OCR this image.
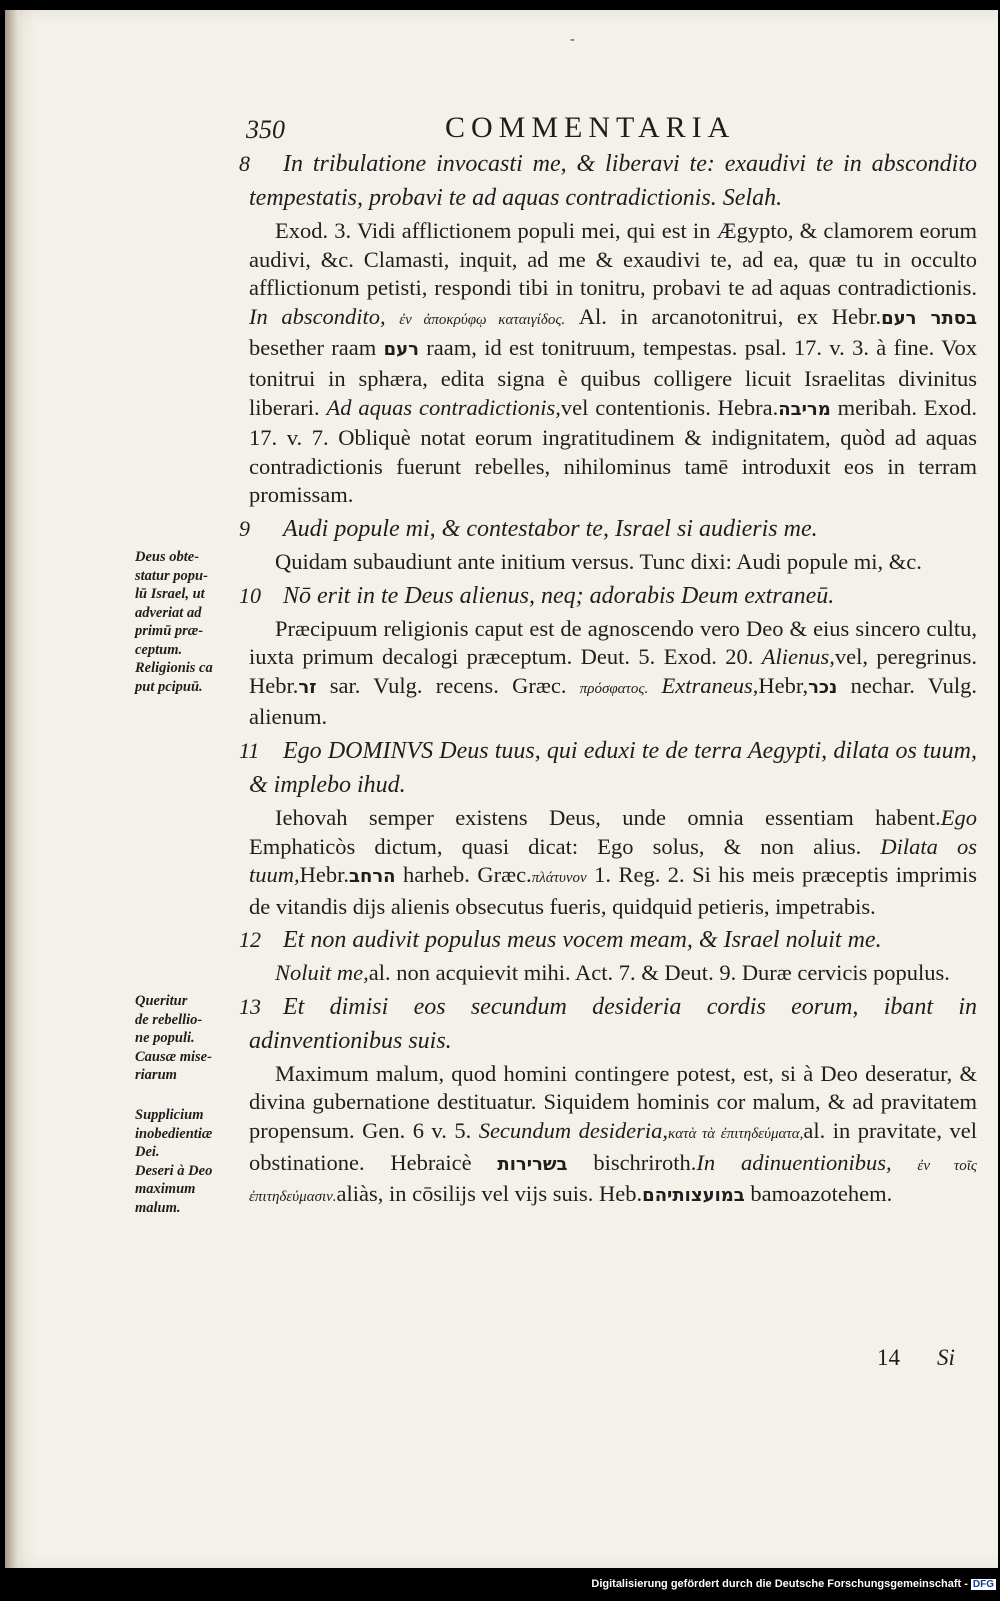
-
350	COMMENTARIA
Deus obte-
statur popu-
lū Israel, ut
adveriat ad
primū præ-
ceptum.
Religionis ca
put pcipuū.
Queritur
de rebellio-
ne populi.
Causæ mise-
riarum
Supplicium
inobedientiæ
Dei.
Deseri à Deo
maximum
malum.

8 In tribulatione invocasti me, & liberavi te: exaudivi te in abscondito tempestatis, probavi te ad aquas contradictionis. Selah.

Exod. 3. Vidi afflictionem populi mei, qui est in Ægypto, & clamorem eorum audivi, &c. Clamasti, inquit, ad me & exaudivi te, ad ea, quæ tu in occulto afflictionum petisti, respondi tibi in tonitru, probavi te ad aquas contradictionis. In abscondito, ἐν ἀποκρύφῳ καταιγίδος. Al. in arcanotonitrui, ex Hebr.בסתר רעם besether raam רעם raam, id est tonitruum, tempestas. psal. 17. v. 3. à fine. Vox tonitrui in sphæra, edita signa è quibus colligere licuit Israelitas divinitus liberari. Ad aquas contradictionis,vel contentionis. Hebra.מריבה meribah. Exod. 17. v. 7. Obliquè notat eorum ingratitudinem & indignitatem, quòd ad aquas contradictionis fuerunt rebelles, nihilominus tamē introduxit eos in terram promissam.

9 Audi popule mi, & contestabor te, Israel si audieris me.

Quidam subaudiunt ante initium versus. Tunc dixi: Audi popule mi, &c.

10 Nō erit in te Deus alienus, neq; adorabis Deum extraneū.

Præcipuum religionis caput est de agnoscendo vero Deo & eius sincero cultu, iuxta primum decalogi præceptum. Deut. 5. Exod. 20. Alienus,vel, peregrinus. Hebr.זר sar. Vulg. recens. Græc. πρόσφατος. Extraneus,Hebr,נכר nechar. Vulg. alienum.

11 Ego DOMINVS Deus tuus, qui eduxi te de terra Aegypti, dilata os tuum, & implebo ihud.

Iehovah semper existens Deus, unde omnia essentiam habent.Ego Emphaticòs dictum, quasi dicat: Ego solus, & non alius. Dilata os tuum,Hebr.הרחב harheb. Græc.πλάτυνον 1. Reg. 2. Si his meis præceptis imprimis de vitandis dijs alienis obsecutus fueris, quidquid petieris, impetrabis.

12 Et non audivit populus meus vocem meam, & Israel noluit me.

Noluit me,al. non acquievit mihi. Act. 7. & Deut. 9. Duræ cervicis populus.

13 Et dimisi eos secundum desideria cordis eorum, ibant in adinventionibus suis.

Maximum malum, quod homini contingere potest, est, si à Deo deseratur, & divina gubernatione destituatur. Siquidem hominis cor malum, & ad pravitatem propensum. Gen. 6 v. 5. Secundum desideria,κατὰ τὰ ἐπιτηδεύματα,al. in pravitate, vel obstinatione. Hebraicè בשרירות bischriroth.In adinuentionibus, ἐν τοῖς ἐπιτηδεύμασιν.aliàs, in cōsilijs vel vijs suis. Heb.במועצותיהם bamoazotehem.

14 Si
Digitalisierung gefördert durch die Deutsche Forschungsgemeinschaft - DFG
